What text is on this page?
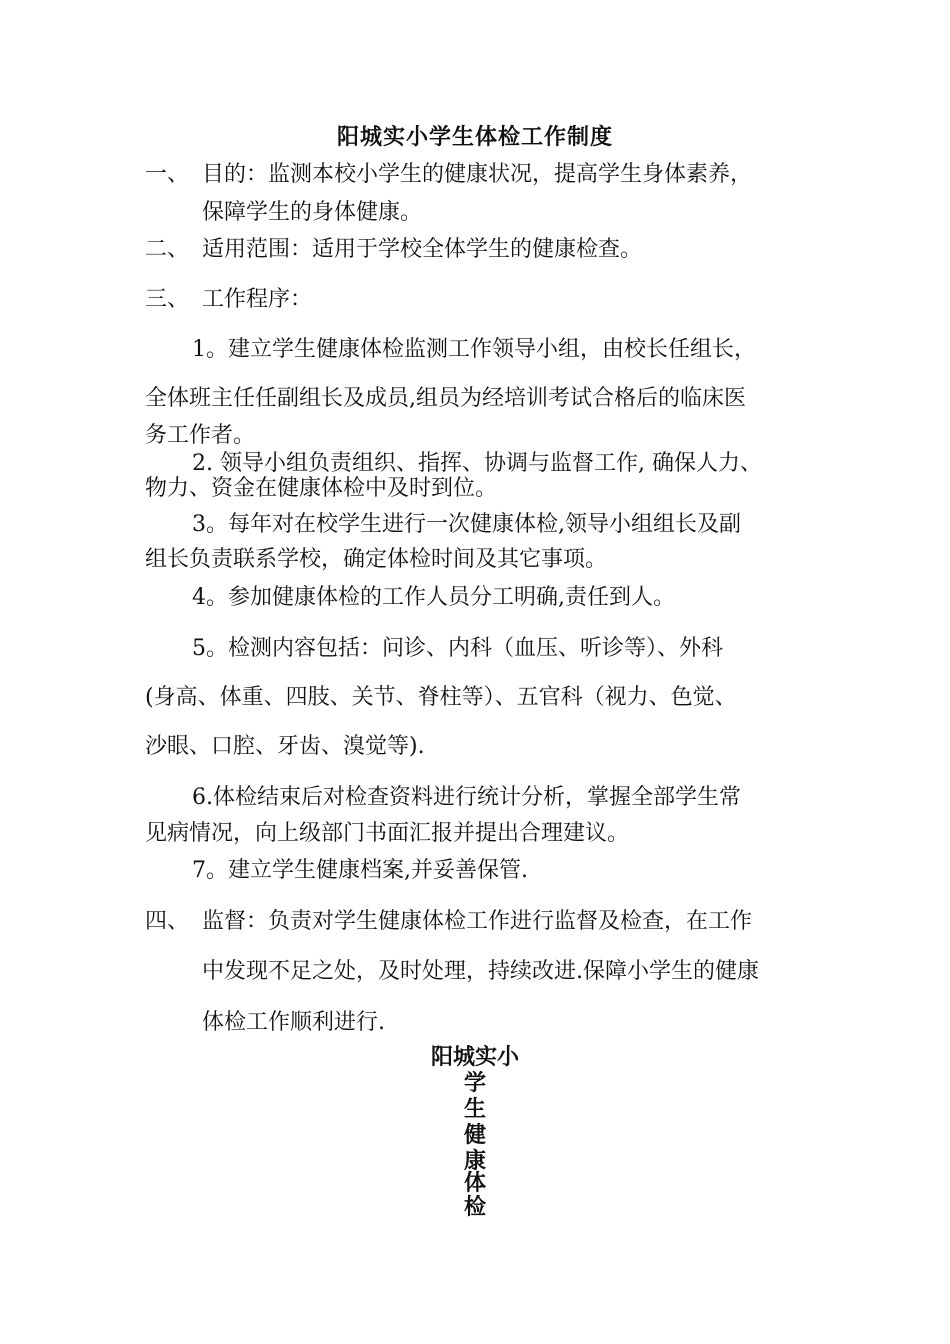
阳城实小学生体检工作制度
一、 目的：监测本校小学生的健康状况，提高学生身体素养，
保障学生的身体健康。
二、 适用范围：适用于学校全体学生的健康检查。
三、 工作程序：
1。建立学生健康体检监测工作领导小组，由校长任组长，
全体班主任任副组长及成员,组员为经培训考试合格后的临床医
务工作者。
2. 领导小组负责组织、指挥、协调与监督工作, 确保人力、
物力、资金在健康体检中及时到位。
3。每年对在校学生进行一次健康体检,领导小组组长及副
组长负责联系学校，确定体检时间及其它事项。
4。参加健康体检的工作人员分工明确,责任到人。
5。检测内容包括：问诊、内科（血压、听诊等）、外科
(身高、体重、四肢、关节、脊柱等）、五官科（视力、色觉、
沙眼、口腔、牙齿、溴觉等).
6.体检结束后对检查资料进行统计分析，掌握全部学生常
见病情况，向上级部门书面汇报并提出合理建议。
7。建立学生健康档案,并妥善保管.
四、 监督：负责对学生健康体检工作进行监督及检查，在工作
中发现不足之处，及时处理，持续改进.保障小学生的健康
体检工作顺利进行.
阳城实小
学
生
健
康
体
检
